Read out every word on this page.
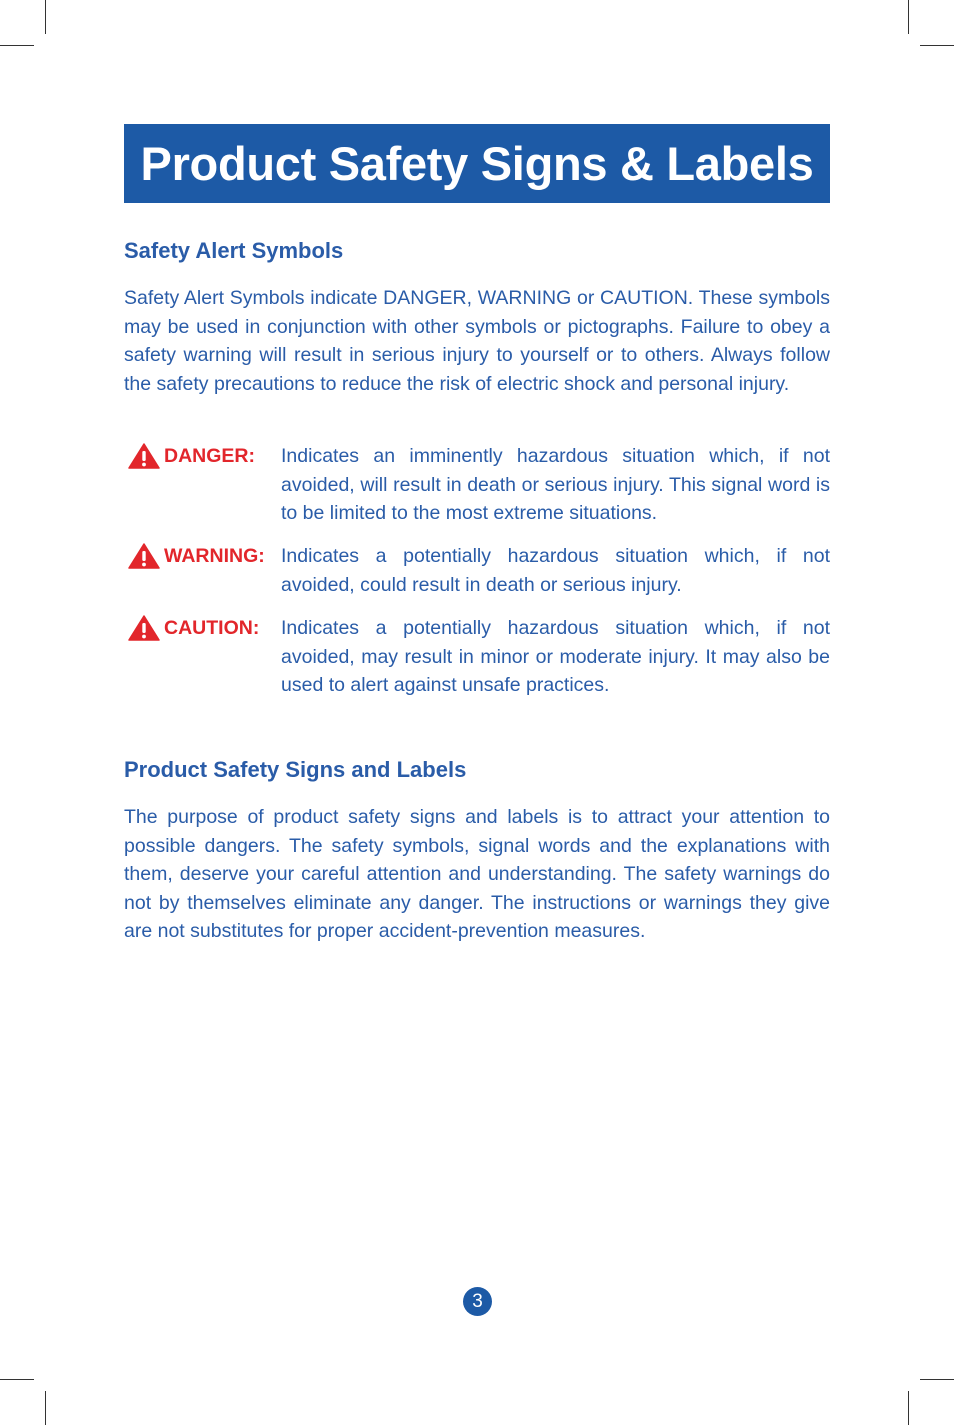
Product Safety Signs & Labels
Safety Alert Symbols

Safety Alert Symbols indicate DANGER, WARNING or CAUTION. These symbols may be used in conjunction with other symbols or pictographs. Failure to obey a safety warning will result in serious injury to yourself or to others. Always follow the safety precautions to reduce the risk of electric shock and personal injury.

DANGER: Indicates an imminently hazardous situation which, if not avoided, will result in death or serious injury. This signal word is to be limited to the most extreme situations.

WARNING: Indicates a potentially hazardous situation which, if not avoided, could result in death or serious injury.

CAUTION: Indicates a potentially hazardous situation which, if not avoided, may result in minor or moderate injury. It may also be used to alert against unsafe practices.

Product Safety Signs and Labels

The purpose of product safety signs and labels is to attract your attention to possible dangers. The safety symbols, signal words and the explanations with them, deserve your careful attention and understanding. The safety warnings do not by themselves eliminate any danger. The instructions or warnings they give are not substitutes for proper accident-prevention measures.

3
